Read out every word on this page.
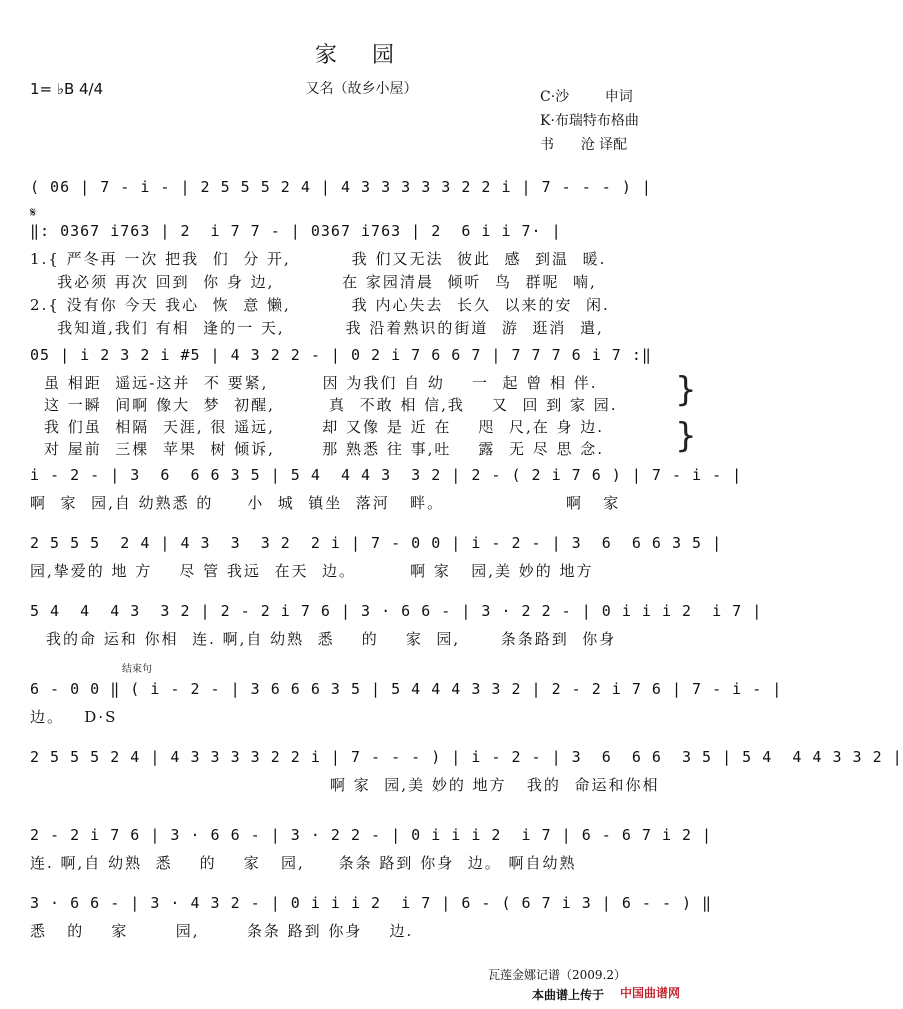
家 园
又名（故乡小屋）
1= ♭B 4/4	C·沙        申词
K·布瑞特布格曲
书      沧 译配
( 06 | 7 - i - | 2 5 5 5 2 4 | 4 3 3 3 3 3 2 2 i | 7 - - - ) |
𝄋
‖: 0367 i763 | 2  i 7 7 - | 0367 i763 | 2  6 i i 7· |
1.{ 严冬再 一次 把我  们  分 开,         我 们又无法  彼此  感  到温  暖.
我必须 再次 回到  你 身 边,          在 家园清晨  倾听  鸟  群呢  喃,
2.{ 没有你 今天 我心  恢  意 懒,         我 内心失去  长久  以来的安  闲.
我知道,我们 有相  逢的一 天,         我 沿着熟识的街道  游  逛消  遣,
05 | i 2 3 2 i #5 | 4 3 2 2 - | 0 2 i 7 6 6 7 | 7 7 7 6 i 7 :‖
虽 相距  遥远-这并  不 要紧,        因 为我们 自 幼    一  起 曾 相 伴.
这 一瞬  间啊 像大  梦  初醒,        真  不敢 相 信,我    又  回 到 家 园.
我 们虽  相隔  天涯, 很 遥远,       却 又像 是 近 在    咫  尺,在 身 边.
对 屋前  三棵  苹果  树 倾诉,       那 熟悉 往 事,吐    露  无 尽 思 念.
}
}
i - 2 - | 3  6  6 6 3 5 | 5 4  4 4 3  3 2 | 2 - ( 2 i 7 6 ) | 7 - i - |
啊  家  园,自 幼熟悉 的     小  城  镇坐  落河   畔。                  啊   家
2 5 5 5  2 4 | 4 3  3  3 2  2 i | 7 - 0 0 | i - 2 - | 3  6  6 6 3 5 |
园,挚爱的 地 方    尽 管 我远  在天  边。        啊 家   园,美 妙的 地方
5 4  4  4 3  3 2 | 2 - 2 i 7 6 | 3 · 6 6 - | 3 · 2 2 - | 0 i i i 2  i 7 |
我的命 运和 你相  连. 啊,自 幼熟  悉    的    家  园,      条条路到  你身
结束句
6 - 0 0 ‖ ( i - 2 - | 3 6 6 6 3 5 | 5 4 4 4 3 3 2 | 2 - 2 i 7 6 | 7 - i - |
边。   D·S
2 5 5 5 2 4 | 4 3 3 3 3 2 2 i | 7 - - - ) | i - 2 - | 3  6  6 6  3 5 | 5 4  4 4 3 3 2 |
啊 家  园,美 妙的 地方   我的  命运和你相
2 - 2 i 7 6 | 3 · 6 6 - | 3 · 2 2 - | 0 i i i 2  i 7 | 6 - 6 7 i 2 |
连. 啊,自 幼熟  悉    的    家   园,     条条 路到 你身  边。 啊自幼熟
3 · 6 6 - | 3 · 4 3 2 - | 0 i i i 2  i 7 | 6 - ( 6 7 i 3 | 6 - - ) ‖
悉   的    家       园,       条条 路到 你身    边.
瓦莲金娜记谱（2009.2）
本曲谱上传于 中国曲谱网
